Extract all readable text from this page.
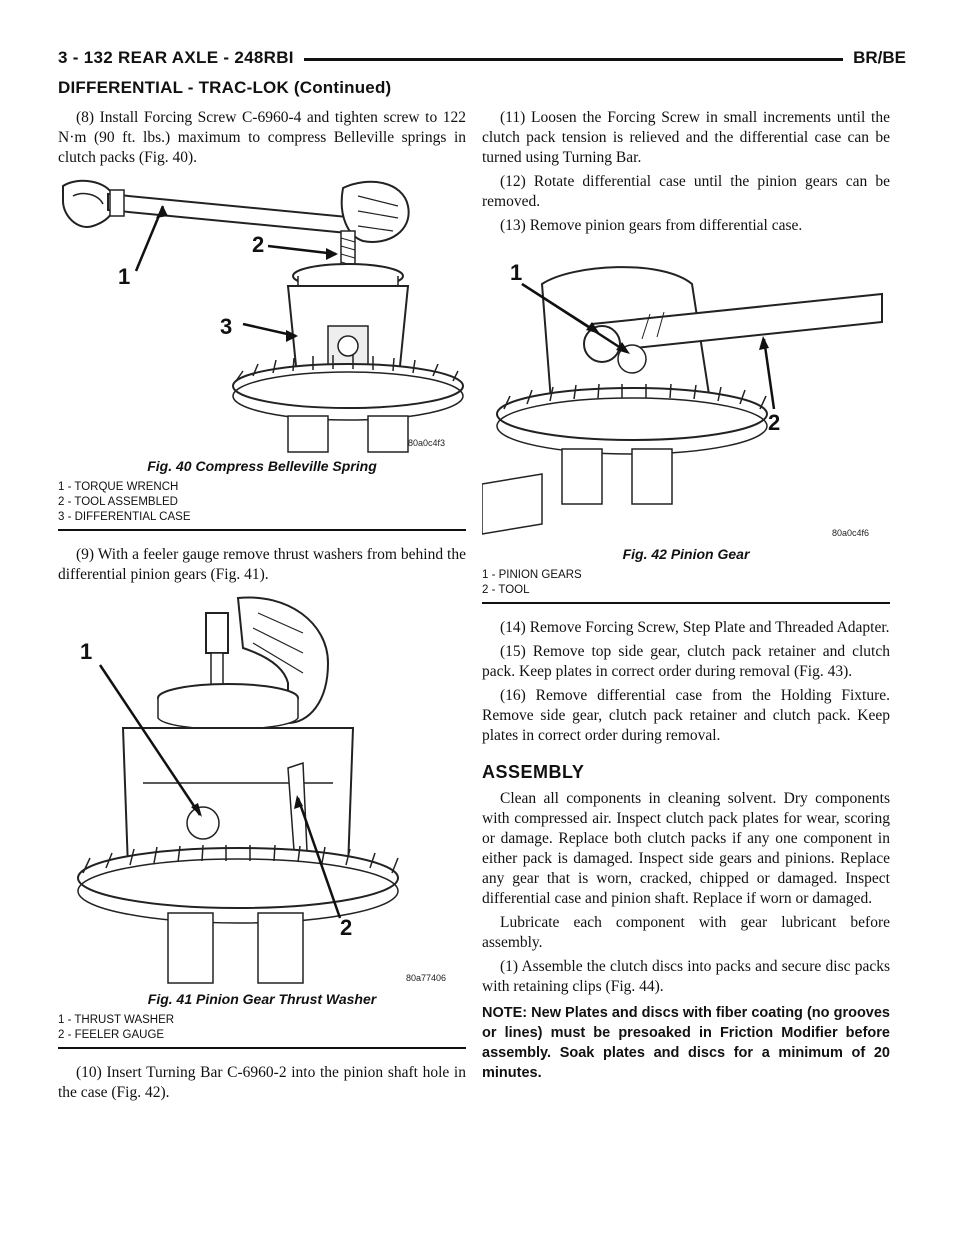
3 - 132 REAR AXLE - 248RBI	BR/BE
DIFFERENTIAL - TRAC-LOK (Continued)

(8) Install Forcing Screw C-6960-4 and tighten screw to 122 N·m (90 ft. lbs.) maximum to compress Belleville springs in clutch packs (Fig. 40).

1
2
3
80a0c4f3
Fig. 40 Compress Belleville Spring
1 - TORQUE WRENCH
2 - TOOL ASSEMBLED
3 - DIFFERENTIAL CASE

(9) With a feeler gauge remove thrust washers from behind the differential pinion gears (Fig. 41).

1
2
80a77406
Fig. 41 Pinion Gear Thrust Washer
1 - THRUST WASHER
2 - FEELER GAUGE

(10) Insert Turning Bar C-6960-2 into the pinion shaft hole in the case (Fig. 42).

(11) Loosen the Forcing Screw in small increments until the clutch pack tension is relieved and the differential case can be turned using Turning Bar.

(12) Rotate differential case until the pinion gears can be removed.

(13) Remove pinion gears from differential case.

1
2
80a0c4f6
Fig. 42 Pinion Gear
1 - PINION GEARS
2 - TOOL

(14) Remove Forcing Screw, Step Plate and Threaded Adapter.

(15) Remove top side gear, clutch pack retainer and clutch pack. Keep plates in correct order during removal (Fig. 43).

(16) Remove differential case from the Holding Fixture. Remove side gear, clutch pack retainer and clutch pack. Keep plates in correct order during removal.

ASSEMBLY

Clean all components in cleaning solvent. Dry components with compressed air. Inspect clutch pack plates for wear, scoring or damage. Replace both clutch packs if any one component in either pack is damaged. Inspect side gears and pinions. Replace any gear that is worn, cracked, chipped or damaged. Inspect differential case and pinion shaft. Replace if worn or damaged.

Lubricate each component with gear lubricant before assembly.

(1) Assemble the clutch discs into packs and secure disc packs with retaining clips (Fig. 44).

NOTE: New Plates and discs with fiber coating (no grooves or lines) must be presoaked in Friction Modifier before assembly. Soak plates and discs for a minimum of 20 minutes.
